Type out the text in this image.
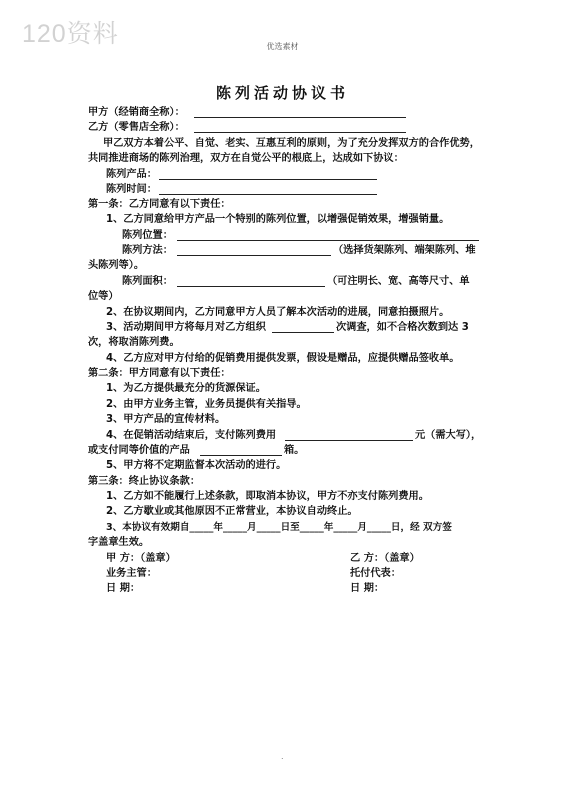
120资料	优选素材
陈列活动协议书
甲方（经销商全称）：
乙方（零售店全称）：
甲乙双方本着公平、自觉、老实、互惠互利的原则，为了充分发挥双方的合作优势，
共同推进商场的陈列治理，双方在自觉公平的根底上，达成如下协议：
陈列产品：
陈列时间：
第一条：乙方同意有以下责任：
1、乙方同意给甲方产品一个特别的陈列位置，以增强促销效果，增强销量。
陈列位置：
陈列方法：	（选择货架陈列、端架陈列、堆
头陈列等）。
陈列面积：	（可注明长、宽、高等尺寸、单
位等）
2、在协议期间内，乙方同意甲方人员了解本次活动的进展，同意拍摄照片。
3、活动期间甲方将每月对乙方组织	次调查，如不合格次数到达 3
次，将取消陈列费。
4、乙方应对甲方付给的促销费用提供发票，假设是赠品，应提供赠品签收单。
第二条：甲方同意有以下责任：
1、为乙方提供最充分的货源保证。
2、由甲方业务主管，业务员提供有关指导。
3、甲方产品的宣传材料。
4、在促销活动结束后，支付陈列费用	元（需大写），
或支付同等价值的产品	箱。
5、甲方将不定期监督本次活动的进行。
第三条：终止协议条款：
1、乙方如不能履行上述条款，即取消本协议，甲方不亦支付陈列费用。
2、乙方歇业或其他原因不正常营业，本协议自动终止。
3、本协议有效期自_____年_____月_____日至_____年_____月_____日，经 双方签
字盖章生效。
甲 方：（盖章）	乙 方：（盖章）
业务主管：	托付代表：
日 期：	日 期：
.
